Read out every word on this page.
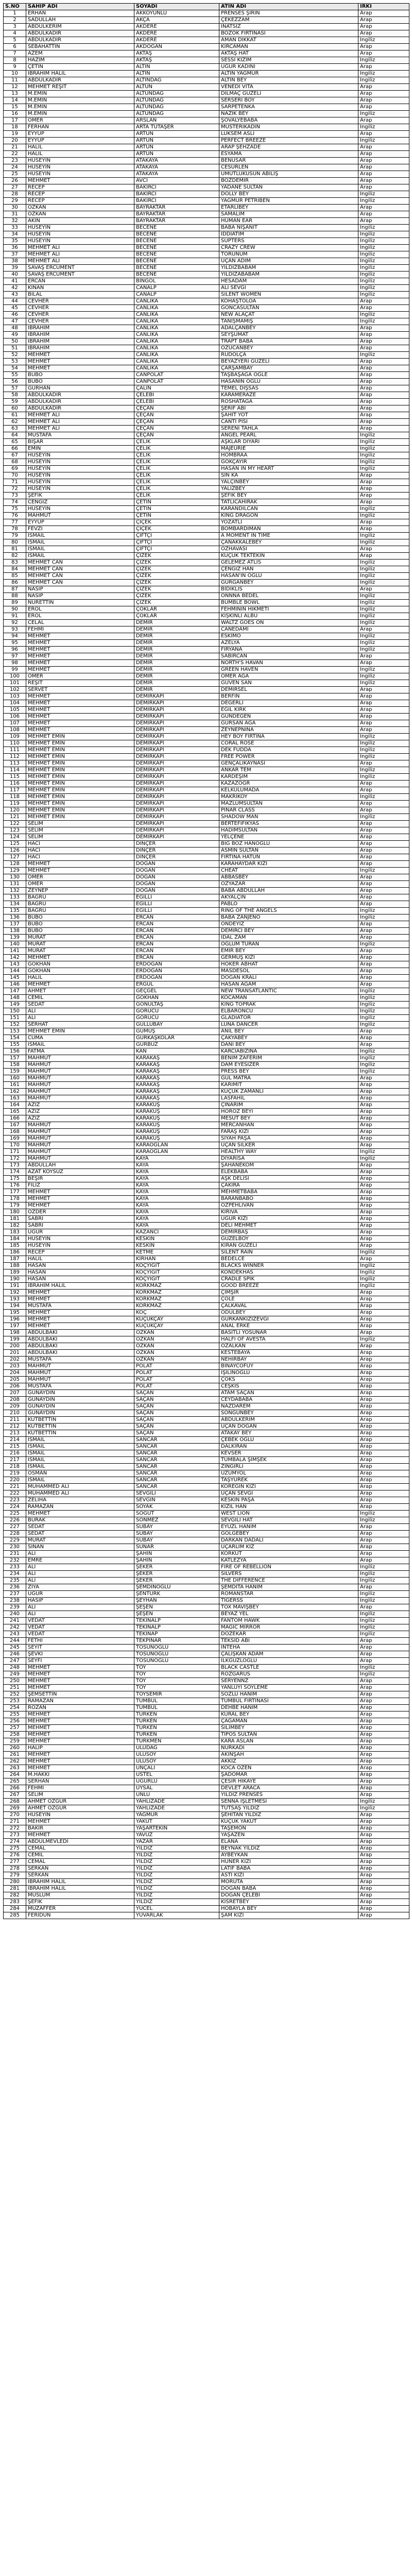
S.NO	SAHİP ADI	SOYADI	ATIN ADI	IRKI
1	ERHAN	AKKOYUNLU	PRENSES ŞİRİN	Arap
2	SADULLAH	AKÇA	ÇEKEZZAM	Arap
3	ABDULKERİM	AKDERE	İNATSIZ	Arap
4	ABDULKADİR	AKDERE	BOZOK FIRTINASI	Arap
5	ABDULKADİR	AKDERE	AMAN DİKKAT	İngiliz
6	SEBAHATTİN	AKDOĞAN	KIRCAMAN	Arap
7	AZEM	AKTAŞ	AKTAŞ HAT	Arap
8	HAZİM	AKTAŞ	SESSİ KIZIM	İngiliz
9	ÇETİN	ALTIN	UĞUR KADINI	Arap
10	İBRAHİM HALİL	ALTIN	ALTIN YAĞMUR	İngiliz
11	ABDULKADİR	ALTINDAĞ	ALTIN BEY	İngiliz
12	MEHMET REŞİT	ALTUN	VENEDİ VİTA	Arap
13	M.EMİN	ALTUNDAĞ	DİLMAÇ GÜZELİ	Arap
14	M.EMİN	ALTUNDAĞ	SERSERİ BOY	Arap
15	M.EMİN	ALTUNDAĞ	SARPETENKA	Arap
16	M.EMİN	ALTUNDAĞ	NAZİK BEY	İngiliz
17	ÖMER	ARSLAN	ŞÖVALYEBABA	Arap
18	FERHAN	ARTA TUTAŞER	MUSTERİKADIN	İngiliz
19	EYYÜP	ARTUN	LÜKSEM ASLI	Arap
20	EYYÜP	ARTUN	PERFECT BREEZE	İngiliz
21	HALİL	ARTUN	ARAP ŞEHZADE	Arap
22	HALİL	ARTUN	ESYAMA	Arap
23	HÜSEYİN	ATAKAYA	BENUSAR	Arap
24	HÜSEYİN	ATAKAYA	CESURLEN	Arap
25	HÜSEYİN	ATAKAYA	UMUTLUKUSUN ABILIŞ	Arap
26	MEHMET	AVCI	BOZDEMİR	Arap
27	RECEP	BAKIRCI	YADANE SULTAN	Arap
28	RECEP	BAKIRCI	DOLLY BEY	İngiliz
29	RECEP	BAKIRCI	YAĞMUR PETRİBEN	İngiliz
30	ÖZKAN	BAYRAKTAR	ETARLIBEY	Arap
31	ÖZKAN	BAYRAKTAR	SAMALIM	Arap
32	AKIN	BAYRAKTAR	HUMAN EAR	Arap
33	HÜSEYİN	BECENE	BABA NİŞANİT	İngiliz
34	HÜSEYİN	BECENE	İDDİATIM	İngiliz
35	HÜSEYİN	BECENE	SÜPTERS	İngiliz
36	MEHMET ALİ	BECENE	CRAZY CREW	İngiliz
37	MEHMET ALİ	BECENE	TORUNUM	İngiliz
38	MEHMET ALİ	BECENE	UÇAN ADIM	İngiliz
39	SAVAŞ ERCÜMENT	BECENE	YILDIZBABAM	İngiliz
40	SAVAŞ ERCÜMENT	BECENE	YILDIZABABAM	İngiliz
41	ERCAN	BİNGÖL	HESADAM	İngiliz
42	KİNAN	CANALP	ALİ SEVGİ	İngiliz
43	BİLAL	CANALP	SİLENT WOMEN	İngiliz
44	CEVHER	CANLIKA	KOHAŞTOLOA	Arap
45	CEVHER	CANLIKA	GONCASULTAN	Arap
46	CEVHER	CANLIKA	NEW ALAÇAT	İngiliz
47	CEVHER	CANLIKA	TANIŞMAMIŞ	İngiliz
48	İBRAHİM	CANLIKA	ADALÇANBEY	Arap
49	İBRAHİM	CANLIKA	SEYŞÜMAT	Arap
50	İBRAHİM	CANLIKA	TRAPT BABA	Arap
51	İBRAHİM	CANLIKA	ÖZUCANBEY	Arap
52	MEHMET	CANLIKA	RUDOLÇA	İngiliz
53	MEHMET	CANLIKA	BEYAZYERİ GÜZELİ	Arap
54	MEHMET	CANLIKA	ÇARŞAMBAY	Arap
55	BUBO	CANPOLAT	TAŞBAŞAĞA ÖĞLE	Arap
56	BUBO	CANPOLAT	HASANIN OĞLU	Arap
57	GÜRHAN	ÇALIN	TEMEL DİŞSAS	Arap
58	ABDULKADİR	ÇELEBİ	KARAMERAZE	Arap
59	ABDULKADİR	ÇELEBİ	ROSHATAĞA	Arap
60	ABDULKADİR	ÇEÇAN	ŞERİF ABİ	Arap
61	MEHMET ALİ	ÇEÇAN	ŞAHIT YOT	Arap
62	MEHMET ALİ	ÇEÇAN	CANTİ PİSİ	Arap
63	MEHMET ALİ	ÇEÇAN	SERENİ TAHLA	Arap
64	MUSTAFA	ÇEÇAN	ANGEL PEARL	İngiliz
65	BİŞAR	ÇELİK	AŞKLAR DİYARI	İngiliz
66	EMİN	ÇELİK	MAJEURIE	İngiliz
67	HÜSEYİN	ÇELİK	HOMBRAA	İngiliz
68	HÜSEYİN	ÇELİK	GÖKÇAYIR	İngiliz
69	HÜSEYİN	ÇELİK	HASAN İN MY HEART	İngiliz
70	HÜSEYİN	ÇELİK	SİN KA	Arap
71	HÜSEYİN	ÇELİK	YALÇINBEY	Arap
72	HÜSEYİN	ÇELİK	YALIZBEY	Arap
73	ŞEFİK	ÇELİK	ŞEFİK BEY	Arap
74	CENGİZ	ÇETİN	TATLICAHIRAK	Arap
75	HÜSEYİN	ÇETİN	KARANDILCAN	İngiliz
76	MAHMUT	ÇETİN	KING DRAGON	İngiliz
77	EYYÜP	ÇİÇEK	YOZATLI	Arap
78	FEVZİ	ÇİÇEK	BOMBARDIMAN	Arap
79	İSMAİL	ÇİFTÇİ	A MOMENT IN TIME	İngiliz
80	İSMAİL	ÇİFTÇİ	ÇANAKKALEBEY	İngiliz
81	İSMAİL	ÇİFTÇİ	ÖZHAVASI	Arap
82	İSMAİL	ÇİZEK	KÜÇÜK TEKTEKİN	Arap
83	MEHMET CAN	ÇİZEK	GELEMEZ ATLİS	İngiliz
84	MEHMET CAN	ÇİZEK	ÇENGİZ HAN	İngiliz
85	MEHMET CAN	ÇİZEK	HASAN'IN OĞLU	İngiliz
86	MEHMET CAN	ÇİZEK	GÜRGANBEY	İngiliz
87	NASİP	ÇİZEK	BIDIKLIS	Arap
88	NASİP	ÇİZEK	ÖNNNA BEDEL	İngiliz
89	NURETTİN	ÇİZEK	BUMBLE BOWL	İngiliz
90	EROL	ÇOKLAR	FEHMİNİN HİKMETİ	İngiliz
91	EROL	ÇOKLAR	KIŞKİNLİ ALBU	İngiliz
92	CELAL	DEMİR	WALTZ GOES ON	İngiliz
93	FEHMİ	DEMİR	CANEDAMI	Arap
94	MEHMET	DEMİR	ESKİMO	İngiliz
95	MEHMET	DEMİR	AZELYA	İngiliz
96	MEHMET	DEMİR	FİRYANA	İngiliz
97	MEHMET	DEMİR	SABIRCAN	Arap
98	MEHMET	DEMİR	NORTH'S HAVAN	Arap
99	MEHMET	DEMİR	GREEN HAVEN	İngiliz
100	ÖMER	DEMİR	ÖMER AĞA	İngiliz
101	REŞİT	DEMİR	GÜVEN SAN	İngiliz
102	SERVET	DEMİR	DEMİRSEL	Arap
103	MEHMET	DEMİRKAPI	BERFİN	Arap
104	MEHMET	DEMİRKAPI	DEĞERLİ	Arap
105	MEHMET	DEMİRKAPI	EĞİL KIRK	Arap
106	MEHMET	DEMİRKAPI	GÜNDEGEN	Arap
107	MEHMET	DEMİRKAPI	GÜRSAN AĞA	Arap
108	MEHMET	DEMİRKAPI	ZEYNEPNİNA	Arap
109	MEHMET EMİN	DEMİRKAPI	HEY BOY FIRTINA	İngiliz
110	MEHMET EMİN	DEMİRKAPI	CORAL ROSE	İngiliz
111	MEHMET EMİN	DEMİRKAPI	DEK FUDDA	İngiliz
112	MEHMET EMİN	DEMİRKAPI	FREE POWER	İngiliz
113	MEHMET EMİN	DEMİRKAPI	GENÇALIKAYNASI	Arap
114	MEHMET EMİN	DEMİRKAPI	ANKAR TEM	İngiliz
115	MEHMET EMİN	DEMİRKAPI	KARDEŞİM	İngiliz
116	MEHMET EMİN	DEMİRKAPI	KAZAZOĞR	Arap
117	MEHMET EMİN	DEMİRKAPI	KELKÜLÜMADA	Arap
118	MEHMET EMİN	DEMİRKAPI	MAKRIKOY	İngiliz
119	MEHMET EMİN	DEMİRKAPI	MAZLUMSULTAN	Arap
120	MEHMET EMİN	DEMİRKAPI	PINAR CLASS	Arap
121	MEHMET EMİN	DEMİRKAPI	SHADOW MAN	İngiliz
122	SELİM	DEMİRKAPI	BERTEFİFİKYAS	Arap
123	SELİM	DEMİRKAPI	HADIMSULTAN	Arap
124	SELİM	DEMİRKAPI	YELÇENE	Arap
125	HACI	DİNÇER	BIG BOZ HANOĞLU	Arap
126	HACI	DİNÇER	ASMIN SULTAN	Arap
127	HACI	DİNÇER	FIRTINA HATUN	Arap
128	MEHMET	DOĞAN	KARAHAYDAR KIZI	Arap
129	MEHMET	DOĞAN	CHEAT	İngiliz
130	ÖMER	DOĞAN	ABBASBEY	Arap
131	ÖMER	DOĞAN	ÖZYAZAR	Arap
132	ZEYNEP	DOĞAN	BABA ABDULLAH	Arap
133	BAĞRU	EĞİLLİ	AKYALÇIN	Arap
134	BAĞRU	EĞİLLİ	PABLO	Arap
135	BAĞRU	EĞİLLİ	RING OF THE ANGELS	İngiliz
136	BUBO	ERCAN	BABA ZANJENO	İngiliz
137	BUBO	ERCAN	ÖNDEYİZ	Arap
138	BUBO	ERCAN	DEMİRCİ BEY	Arap
139	MURAT	ERCAN	İDAL ZAM	Arap
140	MURAT	ERCAN	OĞLUM TURAN	İngiliz
141	MURAT	ERCAN	EMİR BEY	Arap
142	MEHMET	ERCAN	GERMUŞ KIZI	Arap
143	GÖKHAN	ERDOĞAN	HOKER ABHAT	Arap
144	GÖKHAN	ERDOĞAN	MASDESOL	Arap
145	HALİL	ERDOĞAN	DOĞAN KRALI	Arap
146	MEHMET	ERGÜL	HASAN AĞAM	Arap
147	AHMET	GEÇGEL	NEW TRANSATLANTIC	İngiliz
148	CEMİL	GÖKHAN	KOCAMAN	İngiliz
149	SEDAT	GÖNÜLTAŞ	KING TOPRAK	İngiliz
150	ALİ	GÖRÜCÜ	ELBARONCU	İngiliz
151	ALİ	GÖRÜCÜ	GLADİATOR	İngiliz
152	SERHAT	GÜLLÜBAY	LUNA DANCER	İngiliz
153	MEHMET EMİN	GÜMÜŞ	ANIL BEY	Arap
154	CUMA	GÜRKAŞKOLAR	ÇAKYABEY	Arap
155	İSMAİL	GÜRBÜZ	DANI BEY	Arap
156	FATMA	KAN	KARCİABİZINA	İngiliz
157	MAHMUT	KARAKAŞ	BENİM ZAFERİM	İngiliz
158	MAHMUT	KARAKAŞ	DAM EYESİZER	İngiliz
159	MAHMUT	KARAKAŞ	PRESS BEY	İngiliz
160	MAHMUT	KARAKAŞ	GÜL MATRA	Arap
161	MAHMUT	KARAKAŞ	KARIMIT	Arap
162	MAHMUT	KARAKAŞ	KÜÇÜK ZAMANLI	Arap
163	MAHMUT	KARAKAŞ	LASFAHIL	Arap
164	AZİZ	KARAKUŞ	ÇINARIM	Arap
165	AZİZ	KARAKUŞ	HOROZ BEYİ	Arap
166	AZİZ	KARAKUŞ	MESUT BEY	Arap
167	MAHMUT	KARAKUŞ	MERCANHAN	Arap
168	MAHMUT	KARAKUŞ	FARAŞ KIZI	Arap
169	MAHMUT	KARAKUŞ	SİYAH PAŞA	Arap
170	MAHMUT	KARAOĞLAN	UÇAN SİLKER	Arap
171	MAHMUT	KARAOĞLAN	HEALTHY WAY	İngiliz
172	MAHMUT	KAYA	DİYARİSA	İngiliz
173	ABDULLAH	KAYA	ŞAHANEKOM	Arap
174	AZAT KÖYSÜZ	KAYA	ELEKBABA	Arap
175	BEŞİR	KAYA	AŞK DELİSİ	Arap
176	FİLİZ	KAYA	ÇAKIRA	Arap
177	MEHMET	KAYA	MEHMETBABA	Arap
178	MEHMET	KAYA	BARANBABO	Arap
179	MEHMET	KAYA	ÖZPEHLİVAN	Arap
180	ÖZDER	KAYA	KIRIVA	Arap
181	SABRİ	KAYA	UĞUR KIZI	Arap
182	SABRİ	KAYA	DELİ MEHMET	Arap
183	UĞUR	KAZANCI	DEMİRBAŞ	Arap
184	HÜSEYİN	KESKİN	GÜZELBOY	Arap
185	HÜSEYİN	KESKİN	KIRAN GÜZELİ	Arap
186	RECEP	KETME	SİLENT RAIN	İngiliz
187	HALİL	KIRHAN	BEDELCE	Arap
188	HASAN	KOÇYİĞİT	BLACKS WINNER	İngiliz
189	HASAN	KOÇYİĞİT	KONDEKHAS	İngiliz
190	HASAN	KOÇYİĞİT	CRADLE SPİK	İngiliz
191	İBRAHİM HALİL	KORKMAZ	GOOD BREEZE	İngiliz
192	MEHMET	KORKMAZ	ÇİMŞİR	Arap
193	MEHMET	KORKMAZ	ÇÖLE	Arap
194	MUSTAFA	KORKMAZ	ÇALKAVAL	Arap
195	MEHMET	KOÇ	ÖDÜLBEY	Arap
196	MEHMET	KÜÇÜKÇAY	GÜRKANKIZIZEVGİ	Arap
197	MEHMET	KÜÇÜKÇAY	ANAL ERKE	Arap
198	ABDULBAKİ	ÖZKAN	BASİTLİ YOSUNAR	Arap
199	ABDULBAKİ	ÖZKAN	HALFI OF AVESTA	İngiliz
200	ABDULBAKİ	ÖZKAN	ÖZALKAN	Arap
201	ABDULBAKİ	ÖZKAN	KESTEBAYA	Arap
202	MUSTAFA	ÖZKAN	NEHİRBAY	Arap
203	MAHMUT	POLAT	BİNAYCOFUY	Arap
204	MAHMUT	POLAT	İŞILİNOĞLU	Arap
205	MAHMUT	POLAT	ÇOKS	Arap
206	MUSTAFA	POLAT	CEŞKİS	Arap
207	GÜNAYDIN	SAÇAN	ATAM SAÇAN	Arap
208	GÜNAYDIN	SAÇAN	CEYDABABA	Arap
209	GÜNAYDIN	SAÇAN	NAZDAREM	Arap
210	GÜNAYDIN	SAÇAN	SONGÜNBEY	Arap
211	KUTBETTİN	SAÇAN	ABDULKERİM	Arap
212	KUTBETTİN	SAÇAN	UÇAN DOĞAN	Arap
213	KUTBETTİN	SAÇAN	ATAKAY BEY	Arap
214	İSMAİL	SANCAR	ÇEBEK OĞLU	Arap
215	İSMAİL	SANCAR	DALKIRAN	Arap
216	İSMAİL	SANCAR	KEVSER	Arap
217	İSMAİL	SANCAR	TUMBALA ŞİMŞEK	Arap
218	İSMAİL	SANCAR	ZINGIRLI	Arap
219	OSMAN	SANCAR	ÜZÜMYOL	Arap
220	İSMAİL	SANCAR	TAŞYÜREK	Arap
221	MUHAMMED ALİ	SANCAR	KÖREGİN KIZI	Arap
222	MUHAMMED ALİ	SEVGİLİ	UÇAN SEVGİ	Arap
223	ZELİHA	SEVGİN	KESKİN PAŞA	Arap
224	RAMAZAN	SOYAK	KIZIL HAN	Arap
225	MEHMET	SÖĞÜT	WEST LION	İngiliz
226	BURAK	SÖNMEZ	SEVGİLİ HAT	İngiliz
227	SEDAT	SUBAY	EYÜZL HANIM	Arap
228	SEDAT	SUBAY	GÖLGEBEY	Arap
229	MURAT	SUBAY	DARKAN DADALI	Arap
230	SİNAN	SUNAR	UÇARLIM KIZ	Arap
231	ALİ	ŞAHİN	KORKUT	Arap
232	EMRE	ŞAHİN	KATLEZYA	Arap
233	ALİ	ŞEKER	FIRE OF REBELLION	İngiliz
234	ALİ	ŞEKER	SILVERS	İngiliz
235	ALİ	ŞEKER	THE DIFFERENCE	İngiliz
236	ZİYA	ŞEMDİNOĞLU	ŞEMDİTA HANIM	Arap
237	UĞUR	ŞENTÜRK	ROMANSTAR	İngiliz
238	HASİP	ŞEYHAN	TİGERSS	İngiliz
239	ALİ	ŞEŞEN	TOX MAVİŞBEY	Arap
240	ALİ	ŞEŞEN	BEYAZ YEL	İngiliz
241	VEDAT	TEKİNALP	FANTOM HAWK	İngiliz
242	VEDAT	TEKİNALP	MAGIC MIRROR	İngiliz
243	VEDAT	TEKİNAP	DOZEKAR	İngiliz
244	FETHİ	TEKPINAR	TEKSİD ABİ	Arap
245	SEYİT	TOSUNOĞLU	İNTEHA	Arap
246	ŞEVKİ	TOSUNOĞLU	ÇALIŞKAN ADAM	Arap
247	SEYFİ	TOSUNOĞLU	İLKGÜZLOĞLU	Arap
248	MEHMET	TOY	BLACK CASTLE	İngiliz
249	MEHMET	TOY	ROZGARUS	İngiliz
250	MEHMET	TOY	SERYENNZ	Arap
251	MEHMET	TOY	YANLUYİ SÖYLEME	Arap
252	ŞEMSETTİN	TOYSEMİR	SÖZLU HANIM	Arap
253	RAMAZAN	TUMBUL	TUMBUL FIRTINASI	Arap
254	ROZAN	TUMBUL	DEHBE HANIM	Arap
255	MEHMET	TÜRKEN	KURAL BEY	Arap
256	MEHMET	TÜRKEN	ÇAĞAMAN	Arap
257	MEHMET	TÜRKEN	SİLİMBEY	Arap
258	MEHMET	TÜRKEN	TIPOS SULTAN	Arap
259	MEHMET	TÜRKMEN	KARA ASLAN	Arap
260	HALİP	ULUDAĞ	NURKADI	Arap
261	MEHMET	ULUSOY	AKINŞAH	Arap
262	MEHMET	ULUSOY	AKKIZ	Arap
263	MEHMET	ÜNÇALI	KOCA ÖZEN	Arap
264	M.HAKKI	ÜSTEL	ŞADOMAR	Arap
265	SERHAN	UĞURLU	ÇESİR HİKAYE	Arap
266	FEHMİ	UYSAL	DEVLET ARACA	Arap
267	SELİM	ÜNLÜ	YILDIZ PRENSES	Arap
268	AHMET ÖZGÜR	YAHLİZADE	SENNA İŞLETMESİ	İngiliz
269	AHMET ÖZGÜR	YAHLİZADE	TUTSAŞ YILDIZ	İngiliz
270	HÜSEYİN	YAĞMUR	ŞEHİTAN YILDIZ	Arap
271	MEHMET	YAKUT	KÜÇÜK YAKUT	Arap
272	BAKİR	YAŞARTEKİN	TAŞEMON	Arap
273	MEHMET	YAVUZ	YAŞAZEN	Arap
274	ABDULMEVLEDİ	YAZAR	ELANA	Arap
275	CEMAL	YILDIZ	BEYNAK YILDIZ	Arap
276	CEMİL	YILDIZ	AYBEYKAN	Arap
277	CEMAL	YILDIZ	HÜNER KIZI	Arap
278	SERKAN	YILDIZ	LATİF BABA	Arap
279	SERKAN	YILDIZ	ASTİ KIZI	Arap
280	İBRAHİM HALİL	YILDIZ	MORUTA	Arap
281	İBRAHİM HALİL	YILDIZ	DOĞAN BABA	Arap
282	MÜSLÜM	YILDIZ	DOĞAN ÇELEBİ	Arap
283	ŞEFİK	YILDIZ	KİSRETBEY	Arap
284	MUZAFFER	YÜCEL	HOBAYLA BEY	Arap
285	FERİDUN	YUVARLAK	ŞAM KIZI	Arap
